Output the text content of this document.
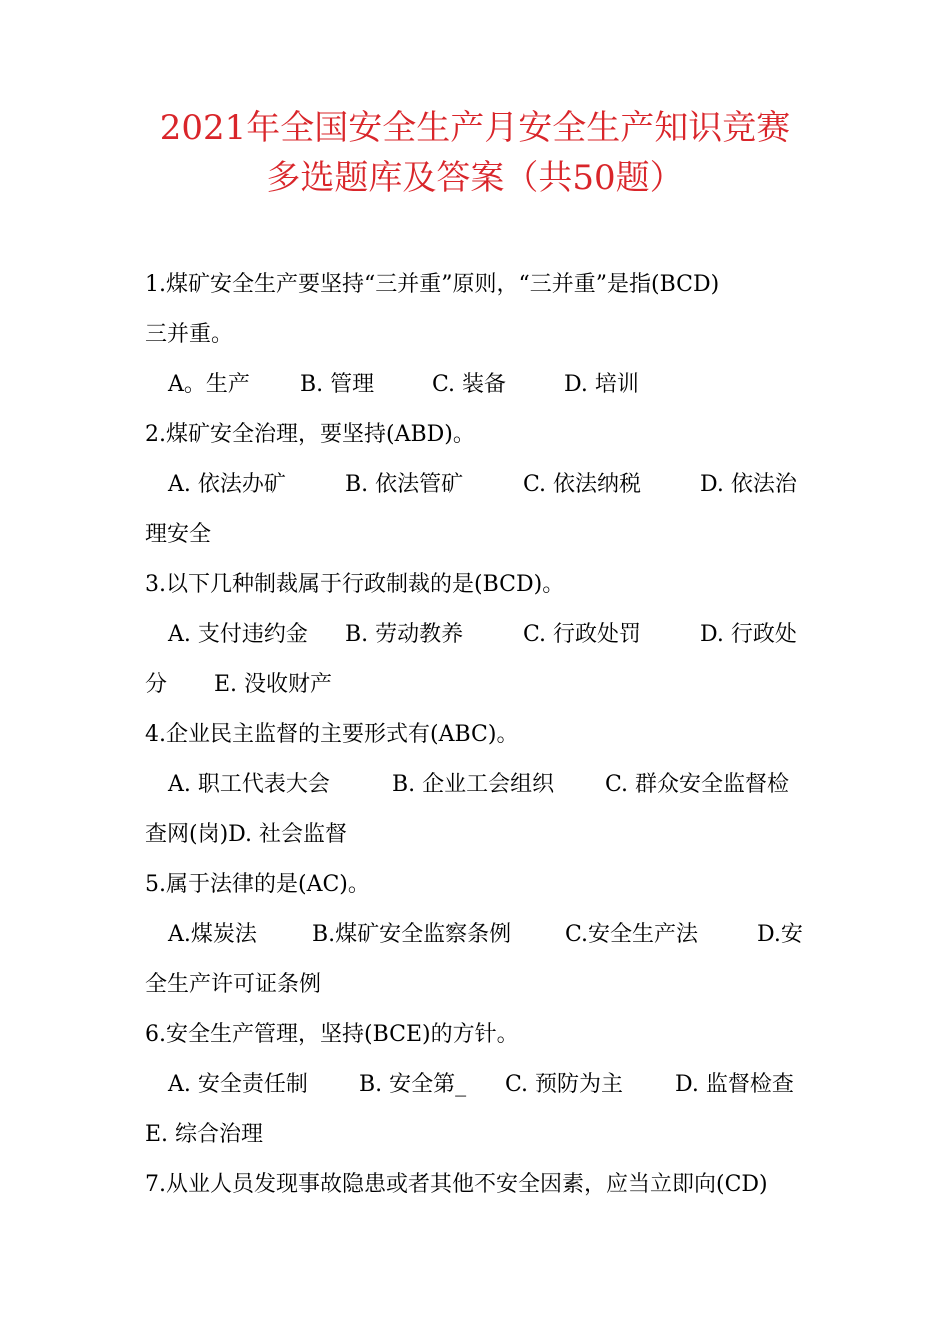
2021年全国安全生产月安全生产知识竞赛
多选题库及答案（共50题）
1.煤矿安全生产要坚持“三并重”原则，“三并重”是指(BCD)
三并重。
A。生产 B. 管理	C. 装备	D. 培训
2.煤矿安全治理，要坚持(ABD)。
A. 依法办矿	B. 依法管矿	C. 依法纳税	D. 依法治
理安全
3.以下几种制裁属于行政制裁的是(BCD)。
A. 支付违约金 B. 劳动教养	C. 行政处罚	D. 行政处
分 E. 没收财产
4.企业民主监督的主要形式有(ABC)。
A. 职工代表大会	B. 企业工会组织 C. 群众安全监督检
查网(岗)D. 社会监督
5.属于法律的是(AC)。
A.煤炭法	B.煤矿安全监察条例 C.安全生产法	D.安
全生产许可证条例
6.安全生产管理，坚持(BCE)的方针。
A. 安全责任制 B. 安全第_ C. 预防为主 D. 监督检查
E. 综合治理
7.从业人员发现事故隐患或者其他不安全因素，应当立即向(CD)
